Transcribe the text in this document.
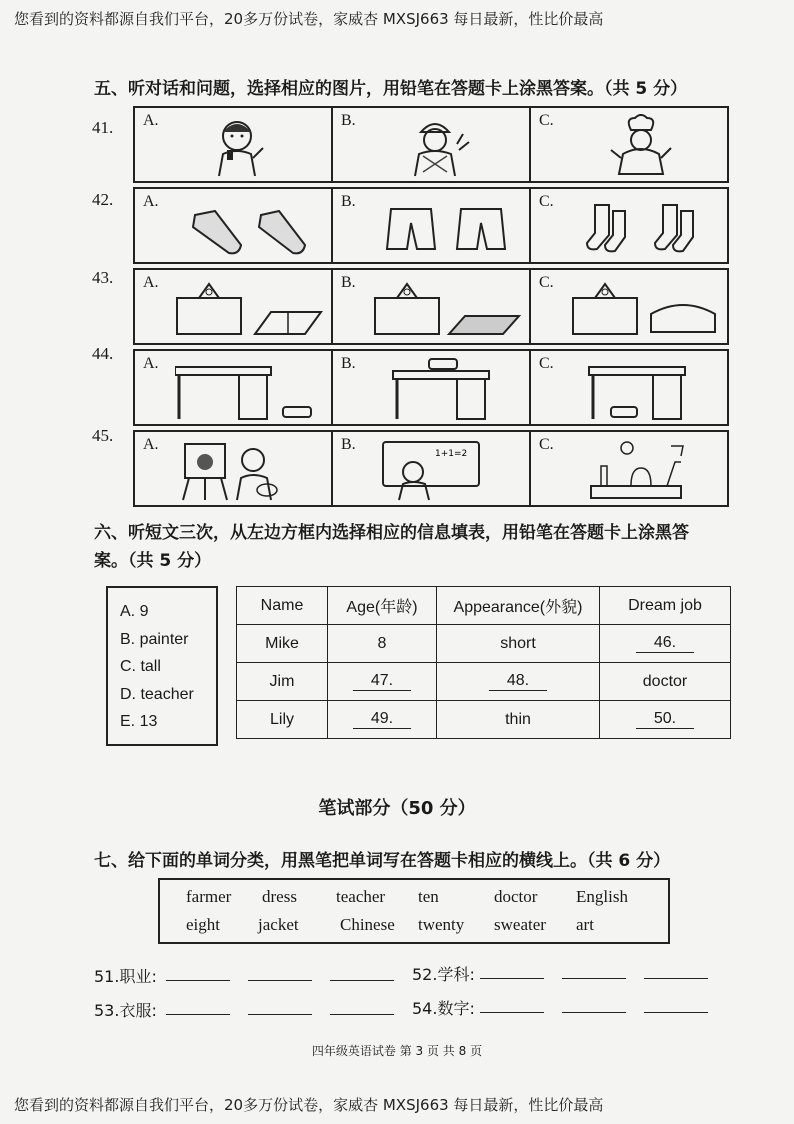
您看到的资料都源自我们平台，20多万份试卷，家威杏 MXSJ663 每日最新，性比价最高
五、听对话和问题，选择相应的图片，用铅笔在答题卡上涂黑答案。（共 5 分）
41.
42.
43.
44.
45.
A.	B.	C.

A.	B.	C.

A.	B.	C.

A.	B.	C.

A.	B.
1+1=2	C.
六、听短文三次，从左边方框内选择相应的信息填表，用铅笔在答题卡上涂黑答
案。（共 5 分）
A. 9
B. painter
C. tall
D. teacher
E. 13
Name	Age(年龄)	Appearance(外貌)	Dream job
Mike	8	short	46.
Jim	47.	48.	doctor
Lily	49.	thin	50.
笔试部分（50 分）
七、给下面的单词分类，用黑笔把单词写在答题卡相应的横线上。（共 6 分）
farmer dress teacher ten	doctor English
eight jacket Chinese twenty sweater art
51.职业:	52.学科:
53.衣服:	54.数字:
四年级英语试卷 第 3 页 共 8 页
您看到的资料都源自我们平台，20多万份试卷，家威杏 MXSJ663 每日最新，性比价最高
